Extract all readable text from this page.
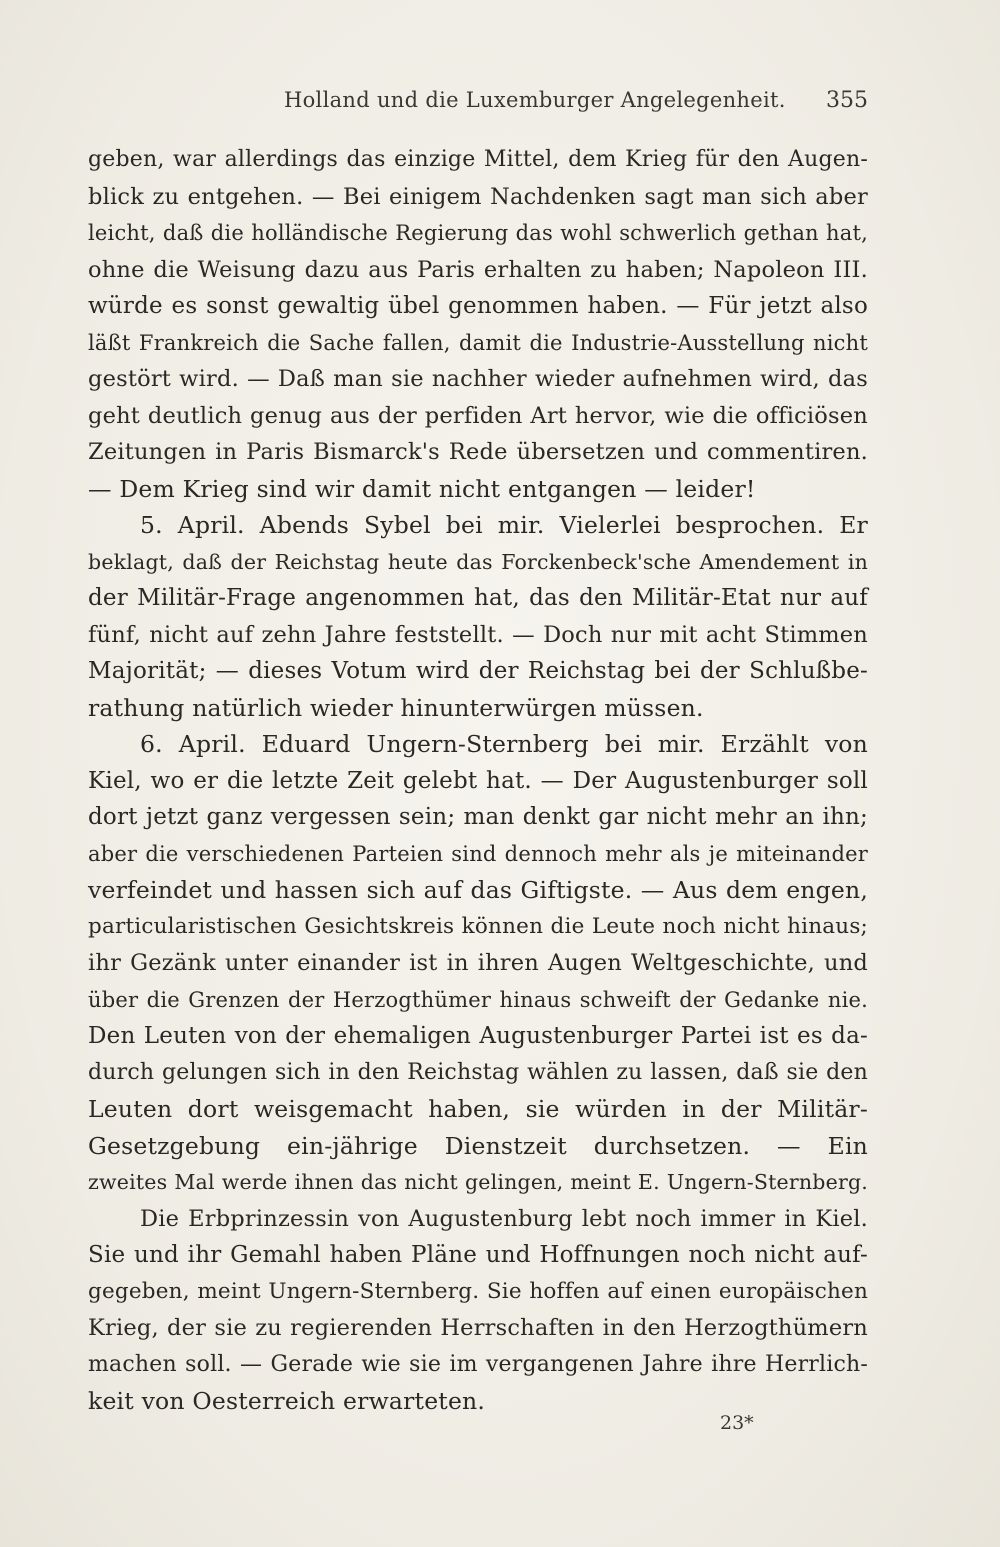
Holland und die Luxemburger Angelegenheit. 355
geben, war allerdings das einzige Mittel, dem Krieg für den Augen-
blick zu entgehen. — Bei einigem Nachdenken sagt man sich aber
leicht, daß die holländische Regierung das wohl schwerlich gethan hat,
ohne die Weisung dazu aus Paris erhalten zu haben; Napoleon III.
würde es sonst gewaltig übel genommen haben. — Für jetzt also
läßt Frankreich die Sache fallen, damit die Industrie-Ausstellung nicht
gestört wird. — Daß man sie nachher wieder aufnehmen wird, das
geht deutlich genug aus der perfiden Art hervor, wie die officiösen
Zeitungen in Paris Bismarck's Rede übersetzen und commentiren.
— Dem Krieg sind wir damit nicht entgangen — leider!
5. April. Abends Sybel bei mir. Vielerlei besprochen. Er
beklagt, daß der Reichstag heute das Forckenbeck'sche Amendement in
der Militär-Frage angenommen hat, das den Militär-Etat nur auf
fünf, nicht auf zehn Jahre feststellt. — Doch nur mit acht Stimmen
Majorität; — dieses Votum wird der Reichstag bei der Schlußbe-
rathung natürlich wieder hinunterwürgen müssen.
6. April. Eduard Ungern-Sternberg bei mir. Erzählt von
Kiel, wo er die letzte Zeit gelebt hat. — Der Augustenburger soll
dort jetzt ganz vergessen sein; man denkt gar nicht mehr an ihn;
aber die verschiedenen Parteien sind dennoch mehr als je miteinander
verfeindet und hassen sich auf das Giftigste. — Aus dem engen,
particularistischen Gesichtskreis können die Leute noch nicht hinaus;
ihr Gezänk unter einander ist in ihren Augen Weltgeschichte, und
über die Grenzen der Herzogthümer hinaus schweift der Gedanke nie.
Den Leuten von der ehemaligen Augustenburger Partei ist es da-
durch gelungen sich in den Reichstag wählen zu lassen, daß sie den
Leuten dort weisgemacht haben, sie würden in der Militär-
Gesetzgebung ein-jährige Dienstzeit durchsetzen. — Ein
zweites Mal werde ihnen das nicht gelingen, meint E. Ungern-Sternberg.
Die Erbprinzessin von Augustenburg lebt noch immer in Kiel.
Sie und ihr Gemahl haben Pläne und Hoffnungen noch nicht auf-
gegeben, meint Ungern-Sternberg. Sie hoffen auf einen europäischen
Krieg, der sie zu regierenden Herrschaften in den Herzogthümern
machen soll. — Gerade wie sie im vergangenen Jahre ihre Herrlich-
keit von Oesterreich erwarteten.
23*
